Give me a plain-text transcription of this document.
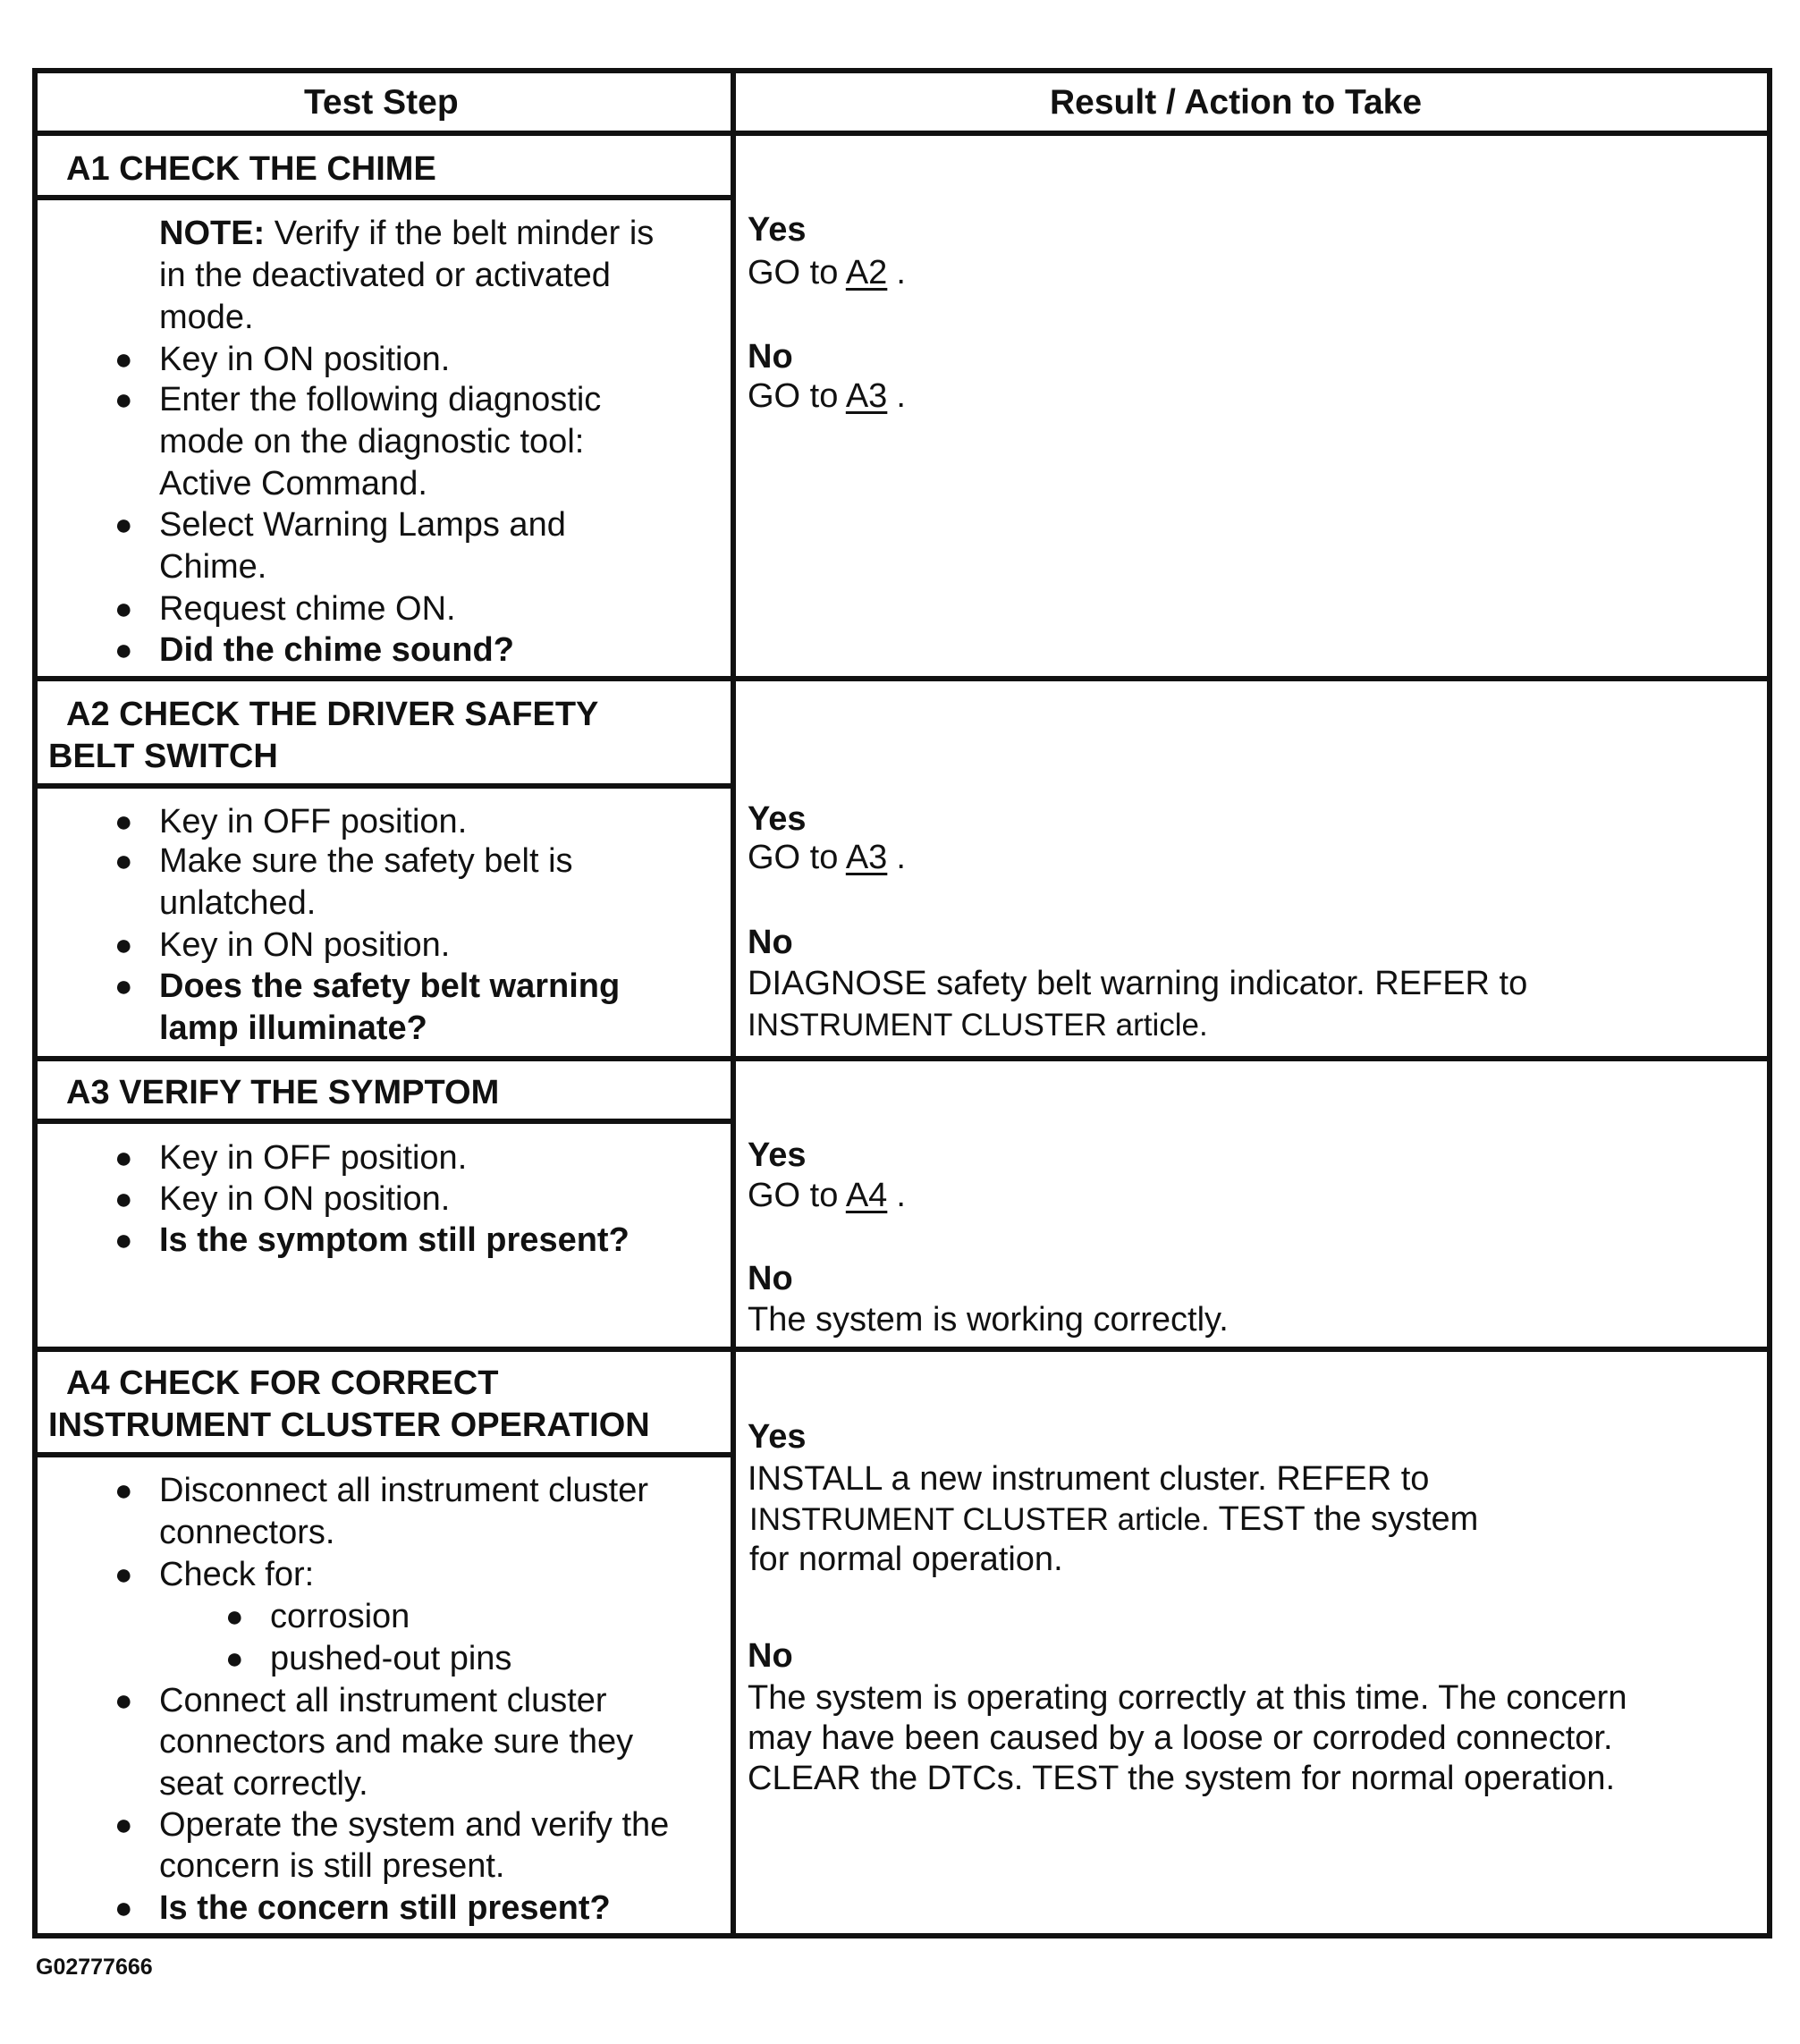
Test Step	Result / Action to Take
A1 CHECK THE CHIME
NOTE: Verify if the belt minder is
in the deactivated or activated
mode.
● Key in ON position.
● Enter the following diagnostic
mode on the diagnostic tool:
Active Command.
● Select Warning Lamps and
Chime.
● Request chime ON.
● Did the chime sound?
Yes
GO to A2 .
No
GO to A3 .
A2 CHECK THE DRIVER SAFETY
BELT SWITCH
● Key in OFF position.
● Make sure the safety belt is
unlatched.
● Key in ON position.
● Does the safety belt warning
lamp illuminate?
Yes
GO to A3 .
No
DIAGNOSE safety belt warning indicator. REFER to
INSTRUMENT CLUSTER article.
A3 VERIFY THE SYMPTOM
● Key in OFF position.
● Key in ON position.
● Is the symptom still present?
Yes
GO to A4 .
No
The system is working correctly.
A4 CHECK FOR CORRECT
INSTRUMENT CLUSTER OPERATION
● Disconnect all instrument cluster
connectors.
● Check for:
● corrosion
● pushed-out pins
● Connect all instrument cluster
connectors and make sure they
seat correctly.
● Operate the system and verify the
concern is still present.
● Is the concern still present?
Yes
INSTALL a new instrument cluster. REFER to
INSTRUMENT CLUSTER article. TEST the system
for normal operation.
No
The system is operating correctly at this time. The concern
may have been caused by a loose or corroded connector.
CLEAR the DTCs. TEST the system for normal operation.
G02777666
